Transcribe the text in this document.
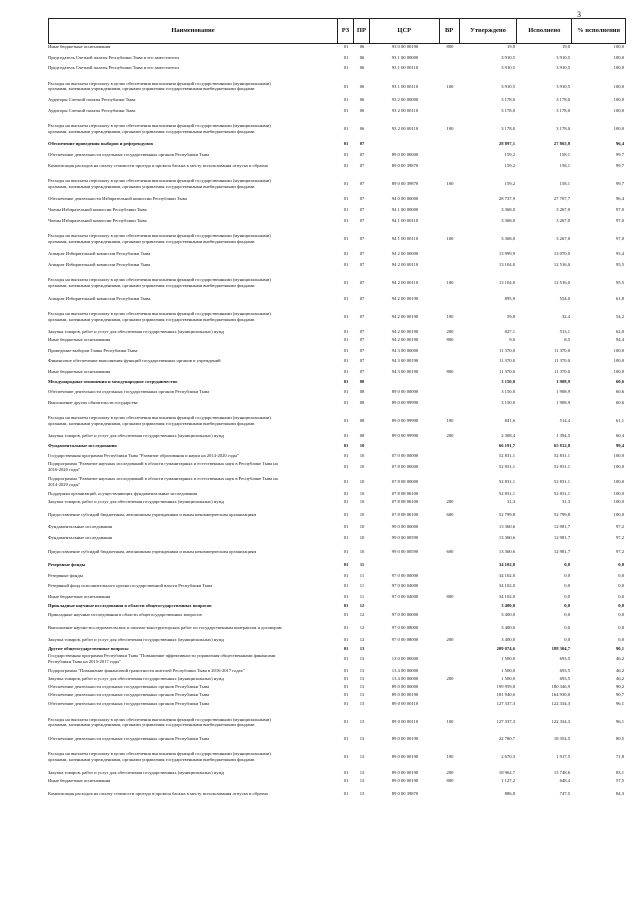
3
Наименование	РЗ	ПР	ЦСР	ВР	Утверждено	Исполнено	% исполнения
Иные бюджетные ассигнования	01	06	93 0 00 00190	800	19,0	19,0	100,0
Председатель Счетной палаты Республики Тыва и его заместители	01	06	93 1 00 00000	3 910,5	3 910,5	100,0
Председатель Счетной палаты Республики Тыва и его заместители	01	06	93 1 00 00110	3 910,5	3 910,5	100,0
Расходы на выплаты персоналу в целях обеспечения выполнения функций государственными (муниципальными)
органами, казенными учреждениями, органами управления государственными внебюджетными фондами
01	06	93 1 00 00110	100	3 910,5	3 910,5	100,0
Аудиторы Счетной палаты Республики Тыва	01	06	93 2 00 00000	3 178,0	3 178,0	100,0
Аудиторы Счетной палаты Республики Тыва	01	06	93 2 00 00110	3 178,0	3 178,0	100,0
Расходы на выплаты персоналу в целях обеспечения выполнения функций государственными (муниципальными)
органами, казенными учреждениями, органами управления государственными внебюджетными фондами
01	06	93 2 00 00110	100	3 178,0	3 178,0	100,0
Обеспечение проведения выборов и референдумов	01	07	28 897,1	27 865,8	96,4
Обеспечение деятельности отдельных государственных органов Республики Тыва	01	07	89 0 00 00000	159,2	158,1	99,7
Компенсация расходов на оплату стоимости проезда и провоза багажа к месту использования отпуска и обратно	01	07	89 0 00 39870	159,2	158,1	99,7
Расходы на выплаты персоналу в целях обеспечения выполнения функций государственными (муниципальными)
органами, казенными учреждениями, органами управления государственными внебюджетными фондами
01	07	89 0 00 39870	100	159,2	158,1	99,7
Обеспечение деятельности Избирательной комиссии Республики Тыва	01	07	94 0 00 00000	28 737,9	27 707,7	96,4
Члены Избирательной комиссии Республики Тыва	01	07	94 1 00 00000	3 368,0	3 267,0	97,0
Члены Избирательной комиссии Республики Тыва	01	07	94 1 00 00110	3 368,0	3 267,0	97,0
Расходы на выплаты персоналу в целях обеспечения выполнения функций государственными (муниципальными)
органами, казенными учреждениями, органами управления государственными внебюджетными фондами
01	07	94 1 00 00110	100	3 368,0	3 267,0	97,0
Аппарат Избирательной комиссии Республики Тыва	01	07	94 2 00 00000	13 999,9	13 070,0	93,4
Аппарат Избирательной комиссии Республики Тыва	01	07	94 2 00 00110	13 104,0	12 516,0	95,5
Расходы на выплаты персоналу в целях обеспечения выполнения функций государственными (муниципальными)
органами, казенными учреждениями, органами управления государственными внебюджетными фондами
01	07	94 2 00 00110	100	13 104,0	12 516,0	95,5
Аппарат Избирательной комиссии Республики Тыва	01	07	94 2 00 00190	895,9	554,0	61,8
Расходы на выплаты персоналу в целях обеспечения выполнения функций государственными (муниципальными)
органами, казенными учреждениями, органами управления государственными внебюджетными фондами
01	07	94 2 00 00190	100	59,8	32,4	54,2
Закупка товаров, работ и услуг для обеспечения государственных (муниципальных) нужд	01	07	94 2 00 00190	200	827,1	513,1	62,0
Иные бюджетные ассигнования	01	07	94 2 00 00190	800	9,0	8,5	94,4
Проведение выборов Главы Республики Тыва	01	07	94 3 00 00000	11 370,0	11 370,0	100,0
Финансовое обеспечение выполнения функций государственных органов и учреждений	01	07	94 3 00 00190	11 370,0	11 370,0	100,0
Иные бюджетные ассигнования	01	07	94 3 00 00190	800	11 370,0	11 370,0	100,0
Международные отношения и международное сотрудничество	01	08	3 150,0	1 908,9	60,6
Обеспечение деятельности отдельных государственных органов Республики Тыва	01	08	89 0 00 00000	3 150,0	1 908,9	60,6
Выполнение других обязательств государства	01	08	89 0 00 99990	3 150,0	1 908,9	60,6
Расходы на выплаты персоналу в целях обеспечения выполнения функций государственными (муниципальными)
органами, казенными учреждениями, органами управления государственными внебюджетными фондами
01	08	89 0 00 99990	100	841,6	514,4	61,1
Закупка товаров, работ и услуг для обеспечения государственных (муниципальных) нужд	01	08	89 0 00 99990	200	2 308,4	1 394,5	60,4
Фундаментальные исследования	01	10	66 191,7	65 812,8	99,4
Государственная программа Республики Тыва "Развитие образования и науки на 2014-2020 годы"	01	10	07 0 00 00000	52 831,1	52 831,1	100,0
Подпрограмма "Развитие научных исследований в области гуманитарных и естественных наук в Республике Тыва на
2016-2020 годы"
01	10	07 8 00 00000	52 831,1	52 831,1	100,0
Подпрограмма "Развитие научных исследований в области гуманитарных и естественных наук в Республике Тыва на
2014-2020 годы"
01	10	07 8 08 00000	52 831,1	52 831,1	100,0
Поддержка организаций, осуществляющих фундаментальные исследования	01	10	07 8 08 06100	52 831,1	52 831,1	100,0
Закупка товаров, работ и услуг для обеспечения государственных (муниципальных) нужд	01	10	07 8 08 06100	200	31,3	31,3	100,0
Предоставление субсидий бюджетным, автономным учреждениям и иным некоммерческим организациям	01	10	07 8 08 06100	600	52 799,8	52 799,8	100,0
Фундаментальные исследования	01	10	99 0 00 00000	13 360,6	12 981,7	97,2
Фундаментальные исследования	01	10	99 0 00 00590	13 360,6	12 981,7	97,2
Предоставление субсидий бюджетным, автономным учреждениям и иным некоммерческим организациям	01	10	99 0 00 00590	600	13 360,6	12 981,7	97,2
Резервные фонды	01	11	34 102,0	0,0	0,0
Резервные фонды	01	11	97 0 00 00000	34 102,0	0,0	0,0
Резервный фонд исполнительного органа государственной власти Республики Тыва	01	11	97 0 00 04000	34 102,0	0,0	0,0
Иные бюджетные ассигнования	01	11	97 0 00 04000	800	34 102,0	0,0	0,0
Прикладные научные исследования в области общегосударственных вопросов	01	12	3 400,0	0,0	0,0
Прикладные научные исследования в области общегосударственных вопросов	01	12	97 0 00 00000	3 400,0	0,0	0,0
Выполнение научно-исследовательских и опытно-конструкторских работ по государственным контрактам и договорам	01	12	97 0 00 08000	3 400,0	0,0	0,0
Закупка товаров, работ и услуг для обеспечения государственных (муниципальных) нужд	01	12	97 0 00 08000	200	3 400,0	0,0	0,0
Другие общегосударственные вопросы	01	13	209 074,6	188 304,7	90,1
Государственная программа Республики Тыва "Повышение эффективности управления общественными финансами
Республики Тыва на 2015-2017 годы"
01	13	13 0 00 00000	1 500,0	693,5	46,2
Подпрограмма "Повышение финансовой грамотности жителей Республики Тыва в 2016-2017 годах"	01	13	13 4 00 00000	1 500,0	693,5	46,2
Закупка товаров, работ и услуг для обеспечения государственных (муниципальных) нужд	01	13	13 4 00 00000	200	1 500,0	693,5	46,2
Обеспечение деятельности отдельных государственных органов Республики Тыва	01	13	89 0 00 00000	199 959,8	180 346,9	90,2
Обеспечение деятельности отдельных государственных органов Республики Тыва	01	13	89 0 00 00190	181 940,6	164 930,0	90,7
Обеспечение деятельности отдельных государственных органов Республики Тыва	01	13	89 0 00 00110	127 337,3	122 334,3	96,1
Расходы на выплаты персоналу в целях обеспечения выполнения функций государственными (муниципальными)
органами, казенными учреждениями, органами управления государственными внебюджетными фондами
01	13	89 0 00 00110	100	127 337,3	122 334,3	96,1
Обеспечение деятельности отдельных государственных органов Республики Тыва	01	13	89 0 00 00190	22 780,7	18 354,5	80,5
Расходы на выплаты персоналу в целях обеспечения выполнения функций государственными (муниципальными)
органами, казенными учреждениями, органами управления государственными внебюджетными фондами
01	13	89 0 00 00190	100	2 670,3	1 917,5	71,8
Закупка товаров, работ и услуг для обеспечения государственных (муниципальных) нужд	01	13	89 0 00 00190	200	18 962,7	15 748,6	83,1
Иные бюджетные ассигнования	01	13	89 0 00 00190	800	1 127,2	648,4	57,5
Компенсация расходов на оплату стоимости проезда и провоза багажа к месту использования отпуска и обратно	01	13	89 0 00 39870	886,8	747,5	84,3
